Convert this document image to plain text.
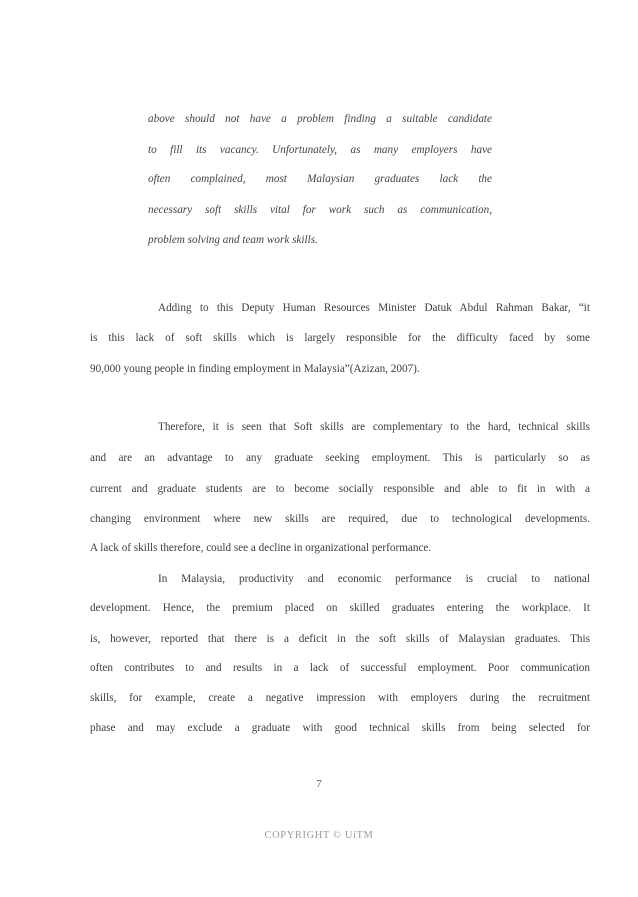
above should not have a problem finding a suitable candidate
to fill its vacancy. Unfortunately, as many employers have
often complained, most Malaysian graduates lack the
necessary soft skills vital for work such as communication,
problem solving and team work skills.
Adding to this Deputy Human Resources Minister Datuk Abdul Rahman Bakar, “it
is this lack of soft skills which is largely responsible for the difficulty faced by some
90,000 young people in finding employment in Malaysia”(Azizan, 2007).
Therefore, it is seen that Soft skills are complementary to the hard, technical skills
and are an advantage to any graduate seeking employment. This is particularly so as
current and graduate students are to become socially responsible and able to fit in with a
changing environment where new skills are required, due to technological developments.
A lack of skills therefore, could see a decline in organizational performance.
In Malaysia, productivity and economic performance is crucial to national
development. Hence, the premium placed on skilled graduates entering the workplace. It
is, however, reported that there is a deficit in the soft skills of Malaysian graduates. This
often contributes to and results in a lack of successful employment. Poor communication
skills, for example, create a negative impression with employers during the recruitment
phase and may exclude a graduate with good technical skills from being selected for
7
COPYRIGHT © UiTM
